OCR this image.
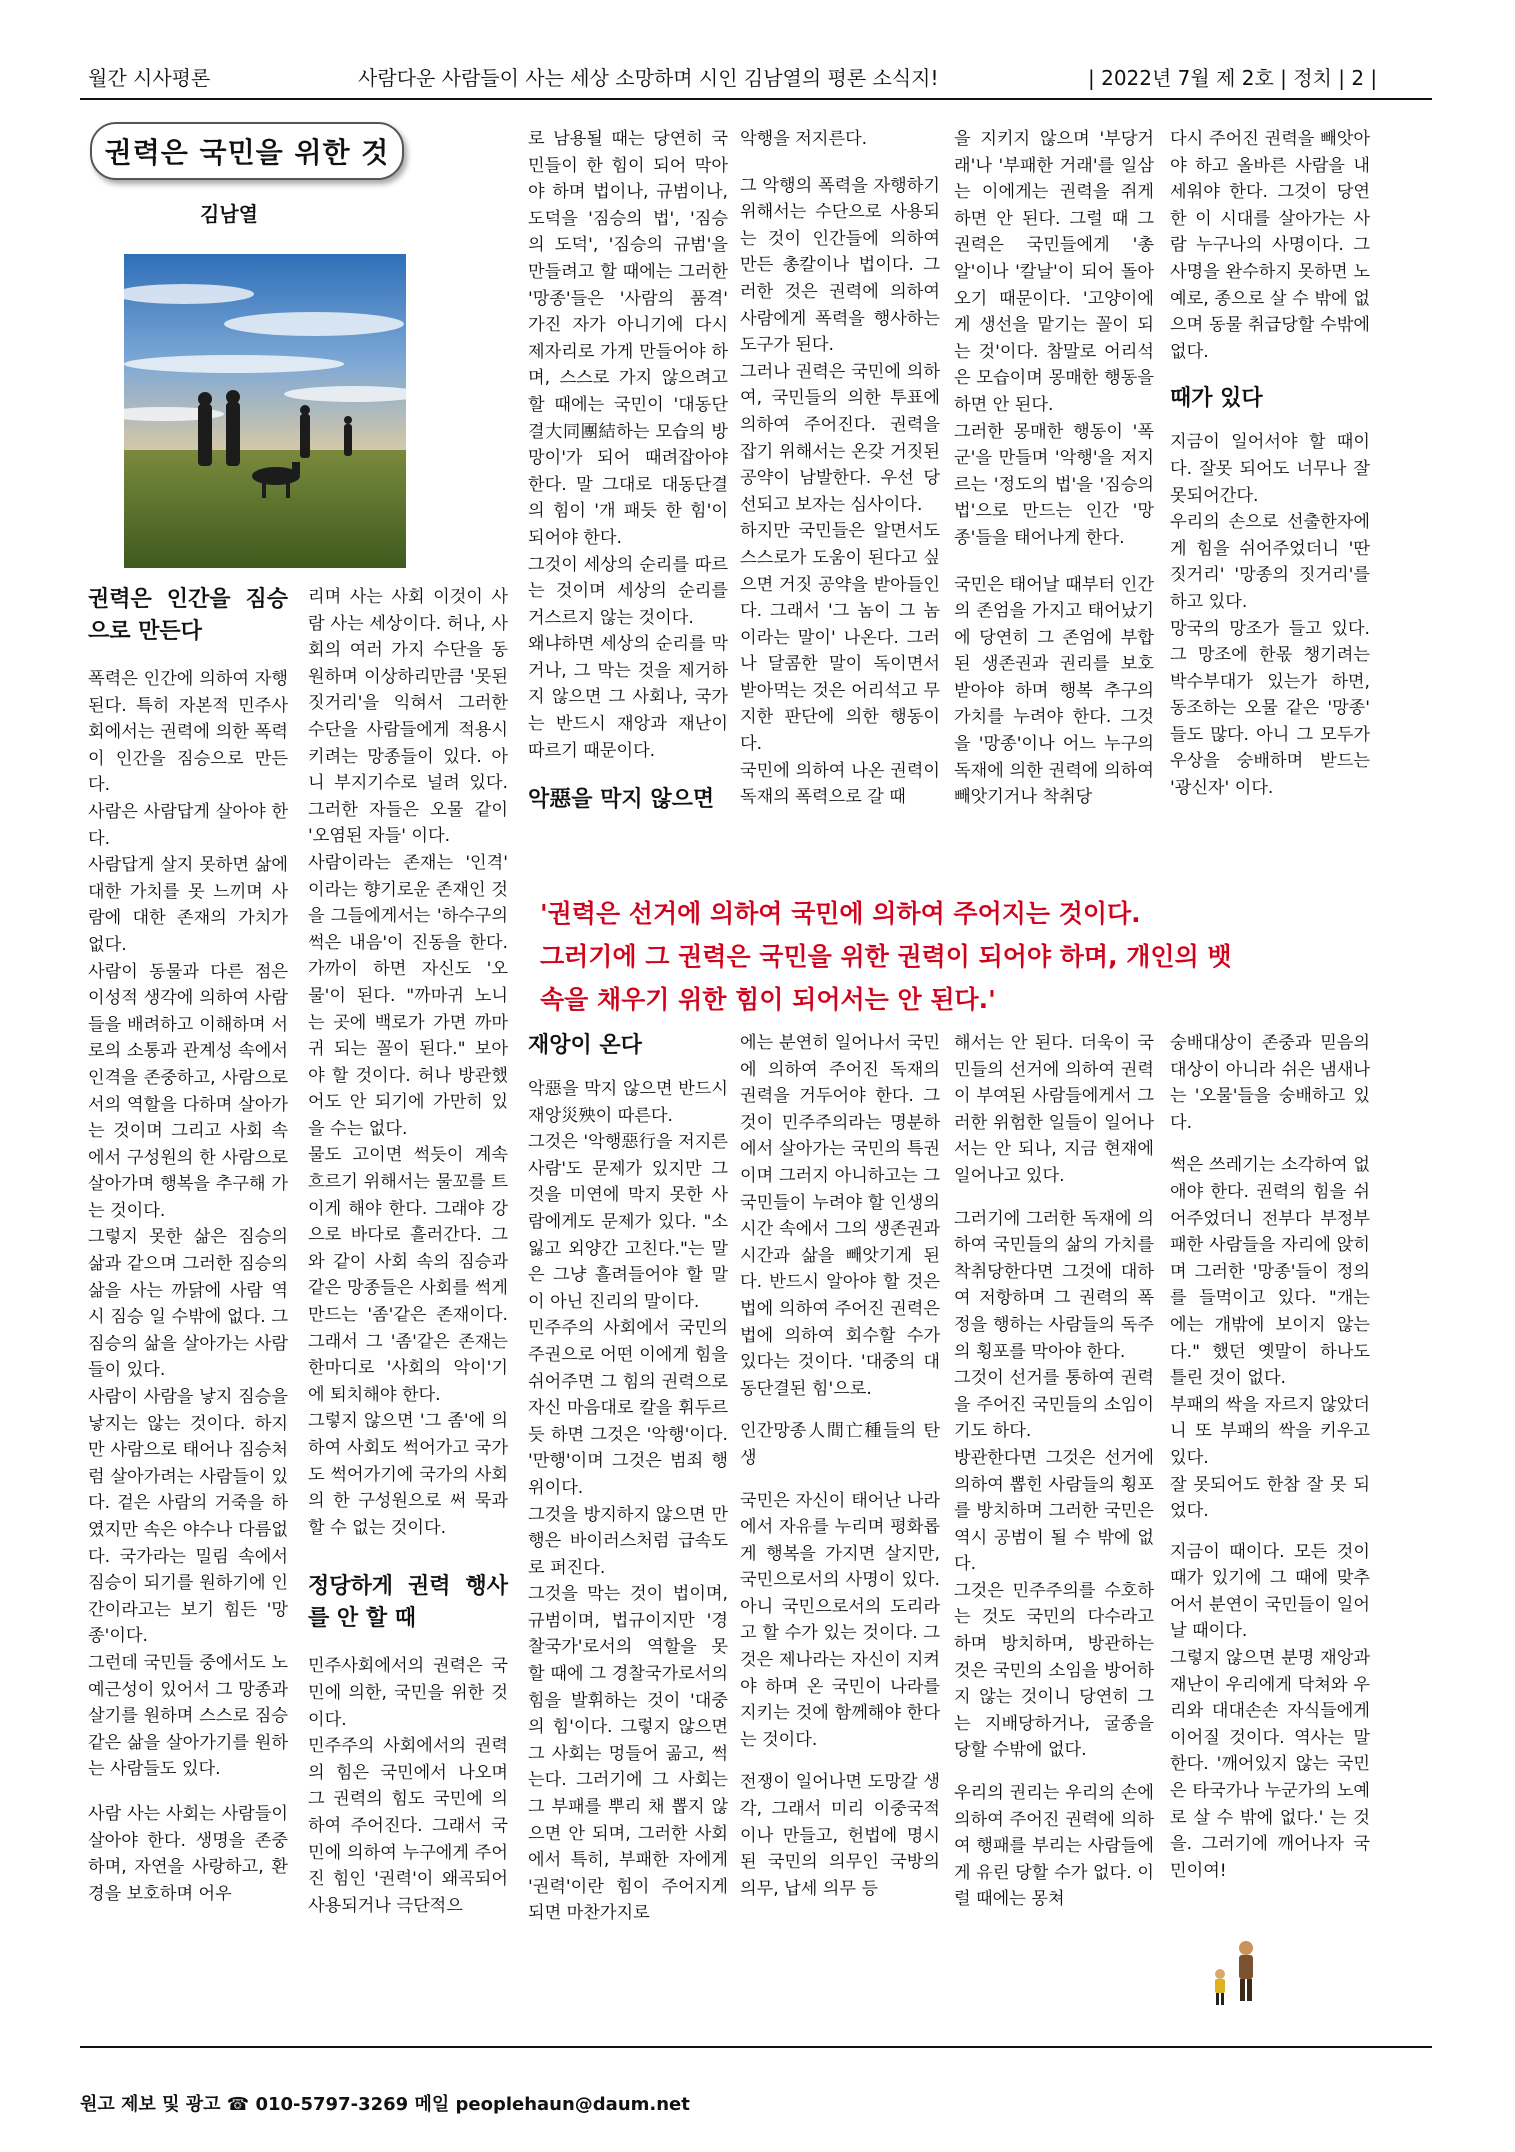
월간 시사평론	사람다운 사람들이 사는 세상 소망하며 시인 김남열의 평론 소식지!	| 2022년 7월 제 2호 | 정치 | 2 |
권력은 국민을 위한 것
김남열

권력은 인간을 짐승으로 만든다

폭력은 인간에 의하여 자행된다. 특히 자본적 민주사회에서는 권력에 의한 폭력이 인간을 짐승으로 만든다.

사람은 사람답게 살아야 한다.

사람답게 살지 못하면 삶에 대한 가치를 못 느끼며 사람에 대한 존재의 가치가 없다.

사람이 동물과 다른 점은 이성적 생각에 의하여 사람들을 배려하고 이해하며 서로의 소통과 관계성 속에서 인격을 존중하고, 사람으로서의 역할을 다하며 살아가는 것이며 그리고 사회 속에서 구성원의 한 사람으로 살아가며 행복을 추구해 가는 것이다.

그렇지 못한 삶은 짐승의 삶과 같으며 그러한 짐승의 삶을 사는 까닭에 사람 역시 짐승 일 수밖에 없다. 그 짐승의 삶을 살아가는 사람들이 있다.

사람이 사람을 낳지 짐승을 낳지는 않는 것이다. 하지만 사람으로 태어나 짐승처럼 살아가려는 사람들이 있다. 겉은 사람의 거죽을 하였지만 속은 야수나 다름없다. 국가라는 밀림 속에서 짐승이 되기를 원하기에 인간이라고는 보기 힘든 '망종'이다.

그런데 국민들 중에서도 노예근성이 있어서 그 망종과 살기를 원하며 스스로 짐승 같은 삶을 살아가기를 원하는 사람들도 있다.

사람 사는 사회는 사람들이 살아야 한다. 생명을 존중하며, 자연을 사랑하고, 환경을 보호하며 어우

리며 사는 사회 이것이 사람 사는 세상이다. 허나, 사회의 여러 가지 수단을 동원하며 이상하리만큼 '못된 짓거리'을 익혀서 그러한 수단을 사람들에게 적용시키려는 망종들이 있다. 아니 부지기수로 널려 있다. 그러한 자들은 오물 같이 '오염된 자들' 이다.

사람이라는 존재는 '인격' 이라는 향기로운 존재인 것을 그들에게서는 '하수구의 썩은 내음'이 진동을 한다. 가까이 하면 자신도 '오물'이 된다. "까마귀 노니는 곳에 백로가 가면 까마귀 되는 꼴이 된다." 보아야 할 것이다. 허나 방관했어도 안 되기에 가만히 있을 수는 없다.

물도 고이면 썩듯이 계속 흐르기 위해서는 물꼬를 트이게 해야 한다. 그래야 강으로 바다로 흘러간다. 그와 같이 사회 속의 짐승과 같은 망종들은 사회를 썩게 만드는 '좀'같은 존재이다. 그래서 그 '좀'같은 존재는 한마디로 '사회의 악이'기에 퇴치해야 한다.

그렇지 않으면 '그 좀'에 의하여 사회도 썩어가고 국가도 썩어가기에 국가의 사회의 한 구성원으로 써 묵과 할 수 없는 것이다.

정당하게 권력 행사를 안 할 때

민주사회에서의 권력은 국민에 의한, 국민을 위한 것이다.

민주주의 사회에서의 권력의 힘은 국민에서 나오며 그 권력의 힘도 국민에 의하여 주어진다. 그래서 국민에 의하여 누구에게 주어진 힘인 '권력'이 왜곡되어 사용되거나 극단적으

로 남용될 때는 당연히 국민들이 한 힘이 되어 막아야 하며 법이나, 규범이나, 도덕을 '짐승의 법', '짐승의 도덕', '짐승의 규범'을 만들려고 할 때에는 그러한 '망종'들은 '사람의 품격' 가진 자가 아니기에 다시 제자리로 가게 만들어야 하며, 스스로 가지 않으려고 할 때에는 국민이 '대동단결大同團結하는 모습의 방망이'가 되어 때려잡아야 한다. 말 그대로 대동단결의 힘이 '개 패듯 한 힘'이 되어야 한다.

그것이 세상의 순리를 따르는 것이며 세상의 순리를 거스르지 않는 것이다.

왜냐하면 세상의 순리를 막거나, 그 막는 것을 제거하지 않으면 그 사회나, 국가는 반드시 재앙과 재난이 따르기 때문이다.

악惡을 막지 않으면

재앙이 온다

악惡을 막지 않으면 반드시 재앙災殃이 따른다.

그것은 '악행惡行을 저지른 사람'도 문제가 있지만 그것을 미연에 막지 못한 사람에게도 문제가 있다. "소 잃고 외양간 고친다."는 말은 그냥 흘려들어야 할 말이 아닌 진리의 말이다.

민주주의 사회에서 국민의 주권으로 어떤 이에게 힘을 쉬어주면 그 힘의 권력으로 자신 마음대로 칼을 휘두르듯 하면 그것은 '악행'이다. '만행'이며 그것은 범죄 행위이다.

그것을 방지하지 않으면 만행은 바이러스처럼 급속도로 퍼진다.

그것을 막는 것이 법이며, 규범이며, 법규이지만 '경찰국가'로서의 역할을 못 할 때에 그 경찰국가로서의 힘을 발휘하는 것이 '대중의 힘'이다. 그렇지 않으면 그 사회는 멍들어 곪고, 썩는다. 그러기에 그 사회는 그 부패를 뿌리 채 뽑지 않으면 안 되며, 그러한 사회에서 특히, 부패한 자에게 '권력'이란 힘이 주어지게 되면 마찬가지로

악행을 저지른다.

그 악행의 폭력을 자행하기 위해서는 수단으로 사용되는 것이 인간들에 의하여 만든 총칼이나 법이다. 그러한 것은 권력에 의하여 사람에게 폭력을 행사하는 도구가 된다.

그러나 권력은 국민에 의하여, 국민들의 의한 투표에 의하여 주어진다. 권력을 잡기 위해서는 온갖 거짓된 공약이 남발한다. 우선 당선되고 보자는 심사이다.

하지만 국민들은 알면서도 스스로가 도움이 된다고 싶으면 거짓 공약을 받아들인다. 그래서 '그 놈이 그 놈이라는 말이' 나온다. 그러나 달콤한 말이 독이면서 받아먹는 것은 어리석고 무지한 판단에 의한 행동이다.

국민에 의하여 나온 권력이 독재의 폭력으로 갈 때

에는 분연히 일어나서 국민에 의하여 주어진 독재의 권력을 거두어야 한다. 그것이 민주주의라는 명분하에서 살아가는 국민의 특권이며 그러지 아니하고는 그 국민들이 누려야 할 인생의 시간 속에서 그의 생존권과 시간과 삶을 빼앗기게 된다. 반드시 알아야 할 것은 법에 의하여 주어진 권력은 법에 의하여 회수할 수가 있다는 것이다. '대중의 대동단결된 힘'으로.

인간망종人間亡種들의 탄생

국민은 자신이 태어난 나라에서 자유를 누리며 평화롭게 행복을 가지면 살지만, 국민으로서의 사명이 있다. 아니 국민으로서의 도리라고 할 수가 있는 것이다. 그것은 제나라는 자신이 지켜야 하며 온 국민이 나라를 지키는 것에 함께해야 한다는 것이다.

전쟁이 일어나면 도망갈 생각, 그래서 미리 이중국적이나 만들고, 헌법에 명시된 국민의 의무인 국방의 의무, 납세 의무 등

을 지키지 않으며 '부당거래'나 '부패한 거래'를 일삼는 이에게는 권력을 쥐게 하면 안 된다. 그럴 때 그 권력은 국민들에게 '총알'이나 '칼날'이 되어 돌아오기 때문이다. '고양이에게 생선을 맡기는 꼴이 되는 것'이다. 참말로 어리석은 모습이며 몽매한 행동을 하면 안 된다.

그러한 몽매한 행동이 '폭군'을 만들며 '악행'을 저지르는 '정도의 법'을 '짐승의 법'으로 만드는 인간 '망종'들을 태어나게 한다.

국민은 태어날 때부터 인간의 존엄을 가지고 태어났기에 당연히 그 존엄에 부합된 생존권과 권리를 보호 받아야 하며 행복 추구의 가치를 누려야 한다. 그것을 '망종'이나 어느 누구의 독재에 의한 권력에 의하여 빼앗기거나 착취당

해서는 안 된다. 더욱이 국민들의 선거에 의하여 권력이 부여된 사람들에게서 그러한 위험한 일들이 일어나서는 안 되나, 지금 현재에 일어나고 있다.

그러기에 그러한 독재에 의하여 국민들의 삶의 가치를 착취당한다면 그것에 대하여 저항하며 그 권력의 폭정을 행하는 사람들의 독주의 횡포를 막아야 한다.

그것이 선거를 통하여 권력을 주어진 국민들의 소임이기도 하다.

방관한다면 그것은 선거에 의하여 뽑힌 사람들의 횡포를 방치하며 그러한 국민은 역시 공범이 될 수 밖에 없다.

그것은 민주주의를 수호하는 것도 국민의 다수라고 하며 방치하며, 방관하는 것은 국민의 소임을 방어하지 않는 것이니 당연히 그는 지배당하거나, 굴종을 당할 수밖에 없다.

우리의 권리는 우리의 손에 의하여 주어진 권력에 의하여 행패를 부리는 사람들에게 유린 당할 수가 없다. 이럴 때에는 몽쳐

다시 주어진 권력을 빼앗아야 하고 올바른 사람을 내세워야 한다. 그것이 당연한 이 시대를 살아가는 사람 누구나의 사명이다. 그 사명을 완수하지 못하면 노예로, 종으로 살 수 밖에 없으며 동물 취급당할 수밖에 없다.

때가 있다

지금이 일어서야 할 때이다. 잘못 되어도 너무나 잘못되어간다.

우리의 손으로 선출한자에게 힘을 쉬어주었더니 '딴 짓거리' '망종의 짓거리'를 하고 있다.

망국의 망조가 들고 있다. 그 망조에 한몫 챙기려는 박수부대가 있는가 하면, 동조하는 오물 같은 '망종' 들도 많다. 아니 그 모두가 우상을 숭배하며 받드는 '광신자' 이다.

숭배대상이 존중과 믿음의 대상이 아니라 쉬은 냄새나는 '오물'들을 숭배하고 있다.

썩은 쓰레기는 소각하여 없애야 한다. 권력의 힘을 쉬어주었더니 전부다 부정부패한 사람들을 자리에 앉히며 그러한 '망종'들이 정의를 들먹이고 있다. "개는 에는 개밖에 보이지 않는다." 했던 옛말이 하나도 틀린 것이 없다.

부패의 싹을 자르지 않았더니 또 부패의 싹을 키우고 있다.

잘 못되어도 한참 잘 못 되었다.

지금이 때이다. 모든 것이 때가 있기에 그 때에 맞추어서 분연이 국민들이 일어날 때이다.

그렇지 않으면 분명 재앙과 재난이 우리에게 닥쳐와 우리와 대대손손 자식들에게 이어질 것이다. 역사는 말한다. '깨어있지 않는 국민은 타국가나 누군가의 노예로 살 수 밖에 없다.' 는 것을. 그러기에 깨어나자 국민이여!

'권력은 선거에 의하여 국민에 의하여 주어지는 것이다.
그러기에 그 권력은 국민을 위한 권력이 되어야 하며, 개인의 뱃
속을 채우기 위한 힘이 되어서는 안 된다.'
원고 제보 및 광고 ☎ 010-5797-3269 메일 peoplehaun@daum.net
